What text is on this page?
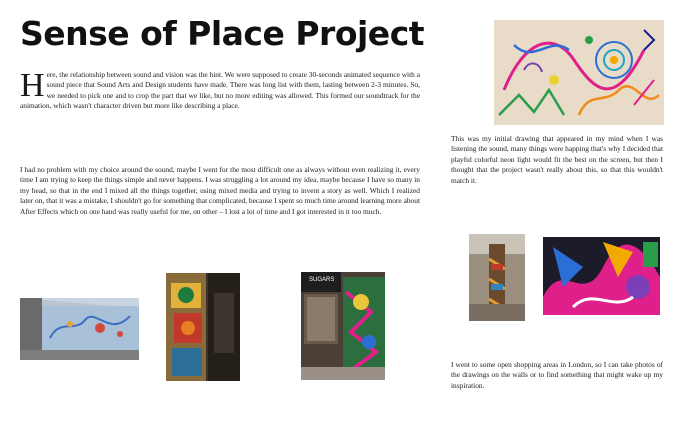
Sense of Place Project

Here, the relationship between sound and vision was the hint. We were supposed to create 30-seconds animated sequence with a sound piece that Sound Arts and Design students have made. There was long list with them, lasting between 2-3 minutes. So, we needed to pick one and to crop the part that we like, but no more editing was allowed. This formed our soundtrack for the animation, which wasn't character driven but more like describing a place.

I had no problem with my choice around the sound, maybe I went for the most difficult one as always without even realizing it, every time I am trying to keep the things simple and never happens. I was struggling a lot around my idea, maybe because I have so many in my head, so that in the end I mixed all the things together, using mixed media and trying to invent a story as well. Which I realized later on, that it was a mistake, I shouldn't go for something that complicated, because I spent so much time around learning more about After Effects which on one hand was really useful for me, on other – I lost a lot of time and I got interested in it too much.

This was my initial drawing that appeared in my mind when I was listening the sound, many things were happing that's why I decided that playful colorful neon light would fit the best on the screen, but then I thought that the project wasn't really about this, so that this wouldn't match it.

SUGARS

I went to some open shopping areas in London, so I can take photos of the drawings on the walls or to find something that might wake up my inspiration.
